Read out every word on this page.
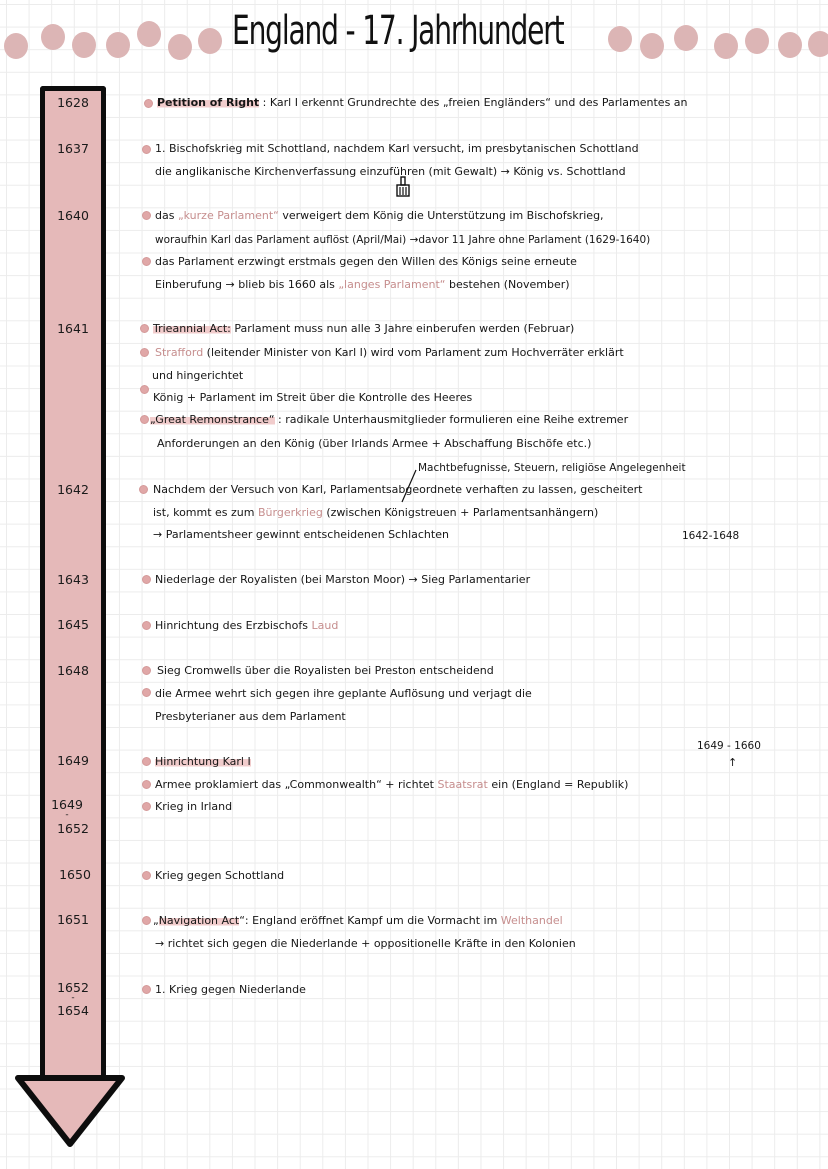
England - 17. Jahrhundert
1628
1637
1640
1641
1642
1643
1645
1648
1649
1649
-
1652
1650
1651
1652
-
1654
Petition of Right : Karl I erkennt Grundrechte des „freien Engländers“ und des Parlamentes an
1. Bischofskrieg mit Schottland, nachdem Karl versucht, im presbytanischen Schottland
die anglikanische Kirchenverfassung einzuführen (mit Gewalt) → König vs. Schottland
das „kurze Parlament“ verweigert dem König die Unterstützung im Bischofskrieg,
woraufhin Karl das Parlament auflöst (April/Mai) →davor 11 Jahre ohne Parlament (1629-1640)
das Parlament erzwingt erstmals gegen den Willen des Königs seine erneute
Einberufung → blieb bis 1660 als „langes Parlament“ bestehen (November)
Trieannial Act: Parlament muss nun alle 3 Jahre einberufen werden (Februar)
Strafford (leitender Minister von Karl I) wird vom Parlament zum Hochverräter erklärt
und hingerichtet
König + Parlament im Streit über die Kontrolle des Heeres
„Great Remonstrance“ : radikale Unterhausmitglieder formulieren eine Reihe extremer
Anforderungen an den König (über Irlands Armee + Abschaffung Bischöfe etc.)
Machtbefugnisse, Steuern, religiöse Angelegenheit
Nachdem der Versuch von Karl, Parlamentsabgeordnete verhaften zu lassen, gescheitert
ist, kommt es zum Bürgerkrieg (zwischen Königstreuen + Parlamentsanhängern)
→ Parlamentsheer gewinnt entscheidenen Schlachten	1642-1648
Niederlage der Royalisten (bei Marston Moor) → Sieg Parlamentarier
Hinrichtung des Erzbischofs Laud
Sieg Cromwells über die Royalisten bei Preston entscheidend
die Armee wehrt sich gegen ihre geplante Auflösung und verjagt die
Presbyterianer aus dem Parlament
1649 - 1660
↑
Hinrichtung Karl I
Armee proklamiert das „Commonwealth“ + richtet Staatsrat ein (England = Republik)
Krieg in Irland
Krieg gegen Schottland
„Navigation Act“: England eröffnet Kampf um die Vormacht im Welthandel
→ richtet sich gegen die Niederlande + oppositionelle Kräfte in den Kolonien
1. Krieg gegen Niederlande
